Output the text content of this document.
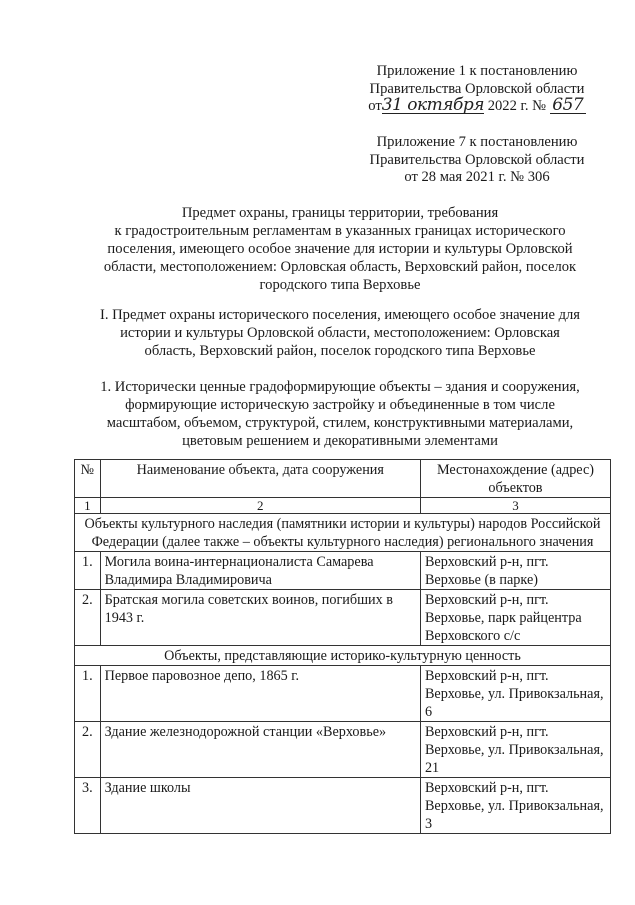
Приложение 1 к постановлению
Правительства Орловской области
от31 октября 2022 г. № 657
Приложение 7 к постановлению
Правительства Орловской области
от 28 мая 2021 г. № 306
Предмет охраны, границы территории, требования
к градостроительным регламентам в указанных границах исторического
поселения, имеющего особое значение для истории и культуры Орловской
области, местоположением: Орловская область, Верховский район, поселок
городского типа Верховье
I. Предмет охраны исторического поселения, имеющего особое значение для
истории и культуры Орловской области, местоположением: Орловская
область, Верховский район, поселок городского типа Верховье
1. Исторически ценные градоформирующие объекты – здания и сооружения,
формирующие историческую застройку и объединенные в том числе
масштабом, объемом, структурой, стилем, конструктивными материалами,
цветовым решением и декоративными элементами
№	Наименование объекта, дата сооружения	Местонахождение (адрес) объектов
1	2	3
Объекты культурного наследия (памятники истории и культуры) народов Российской Федерации (далее также – объекты культурного наследия) регионального значения		
1.	Могила воина-интернационалиста Самарева Владимира Владимировича	Верховский р-н, пгт. Верховье (в парке)
2.	Братская могила советских воинов, погибших в 1943 г.	Верховский р-н, пгт. Верховье, парк райцентра Верховского с/с
Объекты, представляющие историко-культурную ценность		
1.	Первое паровозное депо, 1865 г.	Верховский р-н, пгт. Верховье, ул. Привокзальная, 6
2.	Здание железнодорожной станции «Верховье»	Верховский р-н, пгт. Верховье, ул. Привокзальная, 21
3.	Здание школы	Верховский р-н, пгт. Верховье, ул. Привокзальная, 3
